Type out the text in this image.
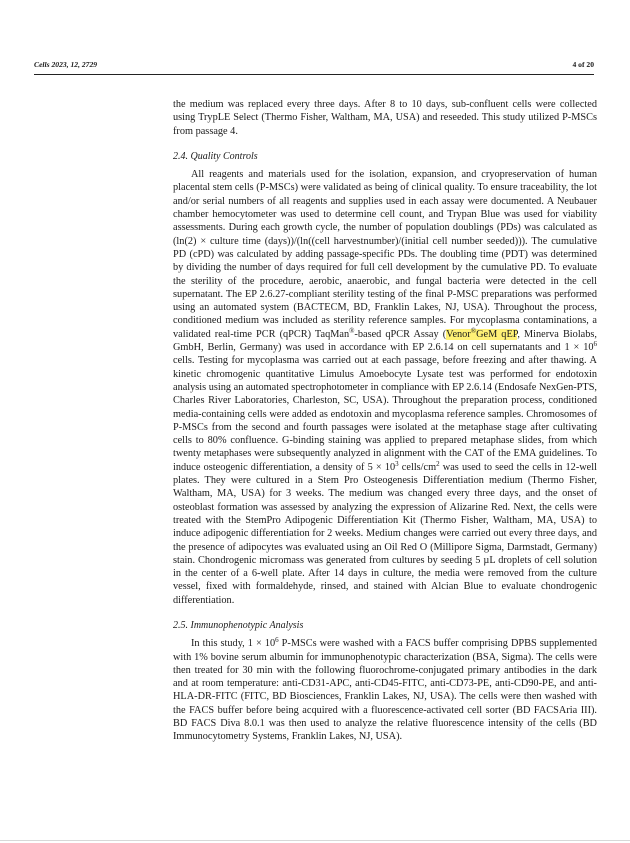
Cells 2023, 12, 2729	4 of 20

the medium was replaced every three days. After 8 to 10 days, sub-confluent cells were collected using TrypLE Select (Thermo Fisher, Waltham, MA, USA) and reseeded. This study utilized P-MSCs from passage 4.

2.4. Quality Controls

All reagents and materials used for the isolation, expansion, and cryopreservation of human placental stem cells (P-MSCs) were validated as being of clinical quality. To ensure traceability, the lot and/or serial numbers of all reagents and supplies used in each assay were documented. A Neubauer chamber hemocytometer was used to determine cell count, and Trypan Blue was used for viability assessments. During each growth cycle, the number of population doublings (PDs) was calculated as (ln(2) × culture time (days))/(ln((cell harvestnumber)/(initial cell number seeded))). The cumulative PD (cPD) was calculated by adding passage-specific PDs. The doubling time (PDT) was determined by dividing the number of days required for full cell development by the cumulative PD. To evaluate the sterility of the procedure, aerobic, anaerobic, and fungal bacteria were detected in the cell supernatant. The EP 2.6.27-compliant sterility testing of the final P-MSC preparations was performed using an automated system (BACTECM, BD, Franklin Lakes, NJ, USA). Throughout the process, conditioned medium was included as sterility reference samples. For mycoplasma contaminations, a validated real-time PCR (qPCR) TaqMan®-based qPCR Assay (Venor®GeM qEP, Minerva Biolabs, GmbH, Berlin, Germany) was used in accordance with EP 2.6.14 on cell supernatants and $1 \times 10^6$ cells. Testing for mycoplasma was carried out at each passage, before freezing and after thawing. A kinetic chromogenic quantitative Limulus Amoebocyte Lysate test was performed for endotoxin analysis using an automated spectrophotometer in compliance with EP 2.6.14 (Endosafe NexGen-PTS, Charles River Laboratories, Charleston, SC, USA). Throughout the preparation process, conditioned media-containing cells were added as endotoxin and mycoplasma reference samples. Chromosomes of P-MSCs from the second and fourth passages were isolated at the metaphase stage after cultivating cells to 80% confluence. G-binding staining was applied to prepared metaphase slides, from which twenty metaphases were subsequently analyzed in alignment with the CAT of the EMA guidelines. To induce osteogenic differentiation, a density of $5 \times 10^3$ cells/$cm^2$ was used to seed the cells in 12-well plates. They were cultured in a Stem Pro Osteogenesis Differentiation medium (Thermo Fisher, Waltham, MA, USA) for 3 weeks. The medium was changed every three days, and the onset of osteoblast formation was assessed by analyzing the expression of Alizarine Red. Next, the cells were treated with the StemPro Adipogenic Differentiation Kit (Thermo Fisher, Waltham, MA, USA) to induce adipogenic differentiation for 2 weeks. Medium changes were carried out every three days, and the presence of adipocytes was evaluated using an Oil Red O (Millipore Sigma, Darmstadt, Germany) stain. Chondrogenic micromass was generated from cultures by seeding 5 µL droplets of cell solution in the center of a 6-well plate. After 14 days in culture, the media were removed from the culture vessel, fixed with formaldehyde, rinsed, and stained with Alcian Blue to evaluate chondrogenic differentiation.

2.5. Immunophenotypic Analysis

In this study, $1 \times 10^6$ P-MSCs were washed with a FACS buffer comprising DPBS supplemented with 1% bovine serum albumin for immunophenotypic characterization (BSA, Sigma). The cells were then treated for 30 min with the following fluorochrome-conjugated primary antibodies in the dark and at room temperature: anti-CD31-APC, anti-CD45-FITC, anti-CD73-PE, anti-CD90-PE, and anti-HLA-DR-FITC (FITC, BD Biosciences, Franklin Lakes, NJ, USA). The cells were then washed with the FACS buffer before being acquired with a fluorescence-activated cell sorter (BD FACSAria III). BD FACS Diva 8.0.1 was then used to analyze the relative fluorescence intensity of the cells (BD Immunocytometry Systems, Franklin Lakes, NJ, USA).
